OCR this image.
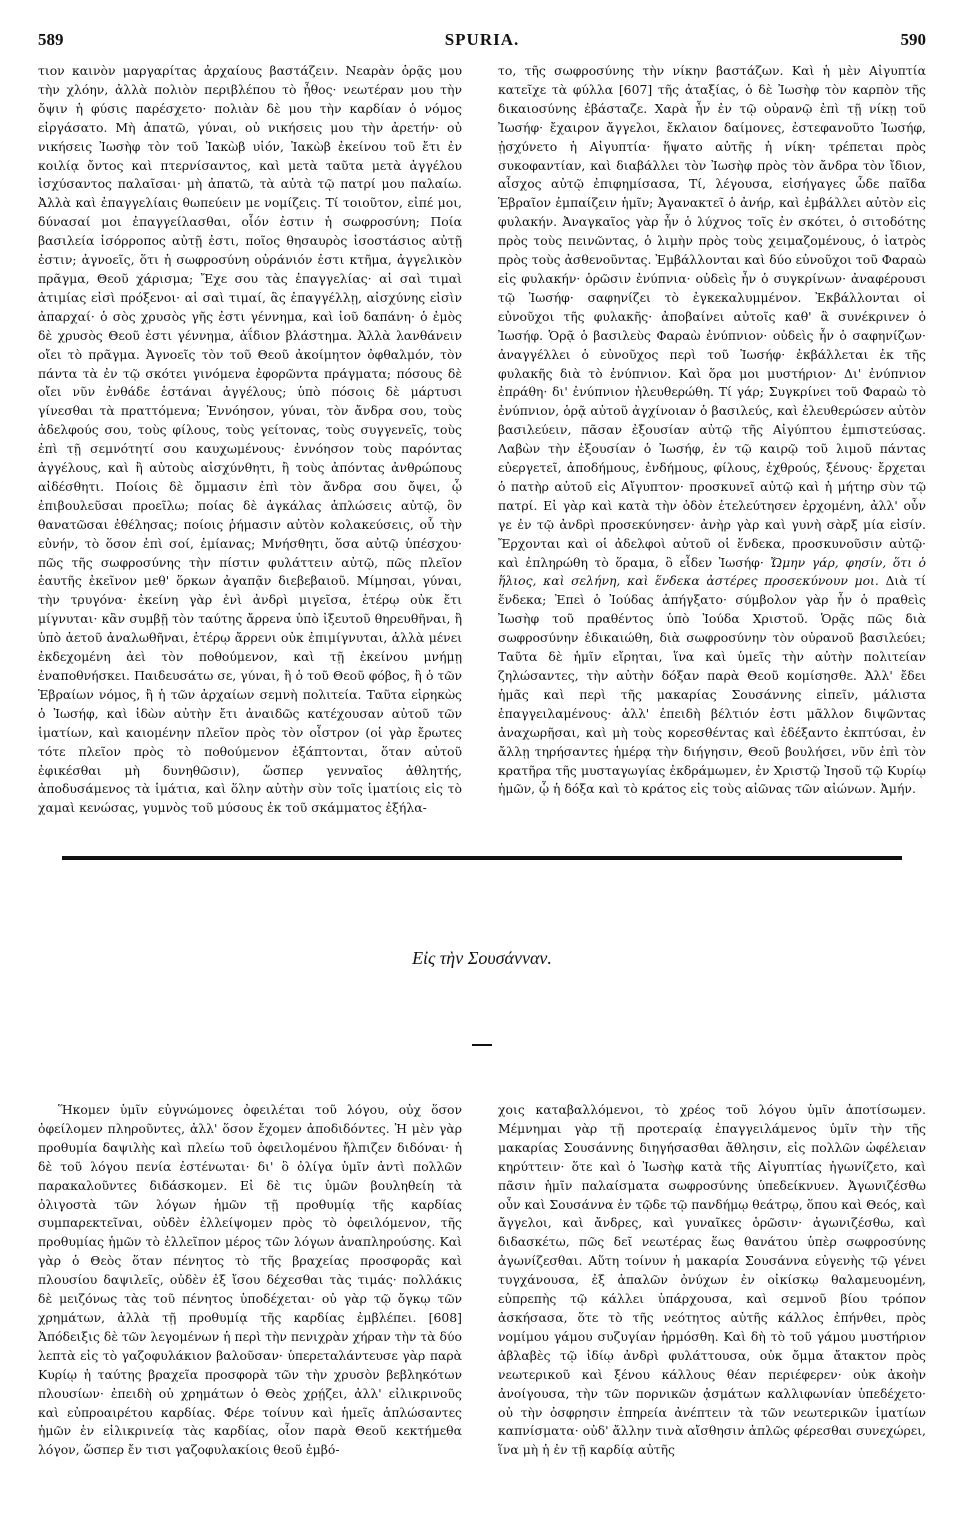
589	SPURIA.	590

τιον καινὸν μαργαρίτας ἀρχαίους βαστάζειν. Νεαρὰν ὁρᾷς μου τὴν χλόην, ἀλλὰ πολιὸν περιβλέπου τὸ ἦθος· νεωτέραν μου τὴν ὄψιν ἡ φύσις παρέσχετο· πολιὰν δὲ μου τὴν καρδίαν ὁ νόμος εἰργάσατο. Μὴ ἀπατῶ, γύναι, οὐ νικήσεις μου τὴν ἀρετήν· οὐ νικήσεις Ἰωσὴφ τὸν τοῦ Ἰακὼβ υἱόν, Ἰακὼβ ἐκείνου τοῦ ἔτι ἐν κοιλίᾳ ὄντος καὶ πτερνίσαντος, καὶ μετὰ ταῦτα μετὰ ἀγγέλου ἰσχύσαντος παλαῖσαι· μὴ ἀπατῶ, τὰ αὐτὰ τῷ πατρί μου παλαίω. Ἀλλὰ καὶ ἐπαγγελίαις θωπεύειν με νομίζεις. Τί τοιοῦτον, εἰπέ μοι, δύνασαί μοι ἐπαγγείλασθαι, οἷόν ἐστιν ἡ σωφροσύνη; Ποία βασιλεία ἰσόρροπος αὐτῇ ἐστι, ποῖος θησαυρὸς ἰσοστάσιος αὐτῇ ἐστιν; ἀγνοεῖς, ὅτι ἡ σωφροσύνη οὐράνιόν ἐστι κτῆμα, ἀγγελικὸν πρᾶγμα, Θεοῦ χάρισμα; Ἔχε σου τὰς ἐπαγγελίας· αἱ σαὶ τιμαὶ ἀτιμίας εἰσὶ πρόξενοι· αἱ σαὶ τιμαί, ἃς ἐπαγγέλλῃ, αἰσχύνης εἰσὶν ἀπαρχαί· ὁ σὸς χρυσὸς γῆς ἐστι γέννημα, καὶ ἰοῦ δαπάνη· ὁ ἐμὸς δὲ χρυσὸς Θεοῦ ἐστι γέννημα, ἀΐδιον βλάστημα. Ἀλλὰ λανθάνειν οἴει τὸ πρᾶγμα. Ἀγνοεῖς τὸν τοῦ Θεοῦ ἀκοίμητον ὀφθαλμόν, τὸν πάντα τὰ ἐν τῷ σκότει γινόμενα ἐφορῶντα πράγματα; πόσους δὲ οἴει νῦν ἐνθάδε ἑστάναι ἀγγέλους; ὑπὸ πόσοις δὲ μάρτυσι γίνεσθαι τὰ πραττόμενα; Ἐννόησον, γύναι, τὸν ἄνδρα σου, τοὺς ἀδελφούς σου, τοὺς φίλους, τοὺς γείτονας, τοὺς συγγενεῖς, τοὺς ἐπὶ τῇ σεμνότητί σου καυχωμένους· ἐννόησον τοὺς παρόντας ἀγγέλους, καὶ ἢ αὐτοὺς αἰσχύνθητι, ἢ τοὺς ἀπόντας ἀνθρώπους αἰδέσθητι. Ποίοις δὲ ὄμμασιν ἐπὶ τὸν ἄνδρα σου ὄψει, ᾧ ἐπιβουλεῦσαι προεῖλω; ποίας δὲ ἀγκάλας ἁπλώσεις αὐτῷ, ὃν θανατῶσαι ἐθέλησας; ποίοις ῥήμασιν αὐτὸν κολακεύσεις, οὗ τὴν εὐνήν, τὸ ὅσον ἐπὶ σοί, ἐμίανας; Μνήσθητι, ὅσα αὐτῷ ὑπέσχου· πῶς τῆς σωφροσύνης τὴν πίστιν φυλάττειν αὐτῷ, πῶς πλεῖον ἑαυτῆς ἐκεῖνον μεθ' ὅρκων ἀγαπᾷν διεβεβαιοῦ. Μίμησαι, γύναι, τὴν τρυγόνα· ἐκείνη γὰρ ἑνὶ ἀνδρὶ μιγεῖσα, ἑτέρῳ οὐκ ἔτι μίγνυται· κἂν συμβῇ τὸν ταύτης ἄρρενα ὑπὸ ἰξευτοῦ θηρευθῆναι, ἢ ὑπὸ ἀετοῦ ἀναλωθῆναι, ἑτέρῳ ἄρρενι οὐκ ἐπιμίγνυται, ἀλλὰ μένει ἐκδεχομένη ἀεὶ τὸν ποθούμενον, καὶ τῇ ἐκείνου μνήμῃ ἐναποθνήσκει. Παιδευσάτω σε, γύναι, ἢ ὁ τοῦ Θεοῦ φόβος, ἢ ὁ τῶν Ἑβραίων νόμος, ἢ ἡ τῶν ἀρχαίων σεμνὴ πολιτεία. Ταῦτα εἰρηκὼς ὁ Ἰωσήφ, καὶ ἰδὼν αὐτὴν ἔτι ἀναιδῶς κατέχουσαν αὐτοῦ τῶν ἱματίων, καὶ καιομένην πλεῖον πρὸς τὸν οἶστρον (οἱ γὰρ ἔρωτες τότε πλεῖον πρὸς τὸ ποθούμενον ἐξάπτονται, ὅταν αὐτοῦ ἐφικέσθαι μὴ δυνηθῶσιν), ὥσπερ γενναῖος ἀθλητής, ἀποδυσάμενος τὰ ἱμάτια, καὶ ὅλην αὐτὴν σὺν τοῖς ἱματίοις εἰς τὸ χαμαὶ κενώσας, γυμνὸς τοῦ μύσους ἐκ τοῦ σκάμματος ἐξήλα-

το, τῆς σωφροσύνης τὴν νίκην βαστάζων. Καὶ ἡ μὲν Αἰγυπτία κατεῖχε τὰ φύλλα [607] τῆς ἀταξίας, ὁ δὲ Ἰωσὴφ τὸν καρπὸν τῆς δικαιοσύνης ἐβάσταζε. Χαρὰ ἦν ἐν τῷ οὐρανῷ ἐπὶ τῇ νίκῃ τοῦ Ἰωσήφ· ἔχαιρον ἄγγελοι, ἔκλαιον δαίμονες, ἐστεφανοῦτο Ἰωσήφ, ᾐσχύνετο ἡ Αἰγυπτία· ἥψατο αὐτῆς ἡ νίκη· τρέπεται πρὸς συκοφαντίαν, καὶ διαβάλλει τὸν Ἰωσὴφ πρὸς τὸν ἄνδρα τὸν ἴδιον, αἶσχος αὐτῷ ἐπιφημίσασα, Τί, λέγουσα, εἰσήγαγες ὧδε παῖδα Ἑβραῖον ἐμπαίζειν ἡμῖν; Ἀγανακτεῖ ὁ ἀνήρ, καὶ ἐμβάλλει αὐτὸν εἰς φυλακήν. Ἀναγκαῖος γὰρ ἦν ὁ λύχνος τοῖς ἐν σκότει, ὁ σιτοδότης πρὸς τοὺς πεινῶντας, ὁ λιμὴν πρὸς τοὺς χειμαζομένους, ὁ ἰατρὸς πρὸς τοὺς ἀσθενοῦντας. Ἐμβάλλονται καὶ δύο εὐνοῦχοι τοῦ Φαραὼ εἰς φυλακήν· ὁρῶσιν ἐνύπνια· οὐδεὶς ἦν ὁ συγκρίνων· ἀναφέρουσι τῷ Ἰωσήφ· σαφηνίζει τὸ ἐγκεκαλυμμένον. Ἐκβάλλονται οἱ εὐνοῦχοι τῆς φυλακῆς· ἀποβαίνει αὐτοῖς καθ' ἃ συνέκρινεν ὁ Ἰωσήφ. Ὁρᾷ ὁ βασιλεὺς Φαραὼ ἐνύπνιον· οὐδεὶς ἦν ὁ σαφηνίζων· ἀναγγέλλει ὁ εὐνοῦχος περὶ τοῦ Ἰωσήφ· ἐκβάλλεται ἐκ τῆς φυλακῆς διὰ τὸ ἐνύπνιον. Καὶ ὅρα μοι μυστήριον· Δι' ἐνύπνιον ἐπράθη· δι' ἐνύπνιον ἠλευθερώθη. Τί γάρ; Συγκρίνει τοῦ Φαραὼ τὸ ἐνύπνιον, ὁρᾷ αὐτοῦ ἀγχίνοιαν ὁ βασιλεύς, καὶ ἐλευθερώσεν αὐτὸν βασιλεύειν, πᾶσαν ἐξουσίαν αὐτῷ τῆς Αἰγύπτου ἐμπιστεύσας. Λαβὼν τὴν ἐξουσίαν ὁ Ἰωσήφ, ἐν τῷ καιρῷ τοῦ λιμοῦ πάντας εὐεργετεῖ, ἀποδήμους, ἐνδήμους, φίλους, ἐχθρούς, ξένους· ἔρχεται ὁ πατὴρ αὐτοῦ εἰς Αἴγυπτον· προσκυνεῖ αὐτῷ καὶ ἡ μήτηρ σὺν τῷ πατρί. Εἰ γὰρ καὶ κατὰ τὴν ὁδὸν ἐτελεύτησεν ἐρχομένη, ἀλλ' οὖν γε ἐν τῷ ἀνδρὶ προσεκύνησεν· ἀνὴρ γὰρ καὶ γυνὴ σὰρξ μία εἰσίν. Ἔρχονται καὶ οἱ ἀδελφοὶ αὐτοῦ οἱ ἕνδεκα, προσκυνοῦσιν αὐτῷ· καὶ ἐπληρώθη τὸ ὅραμα, ὃ εἶδεν Ἰωσήφ· Ὤμην γάρ, φησίν, ὅτι ὁ ἥλιος, καὶ σελήνη, καὶ ἕνδεκα ἀστέρες προσεκύνουν μοι. Διὰ τί ἕνδεκα; Ἐπεὶ ὁ Ἰούδας ἀπήγξατο· σύμβολον γὰρ ἦν ὁ πραθεὶς Ἰωσὴφ τοῦ πραθέντος ὑπὸ Ἰούδα Χριστοῦ. Ὁρᾷς πῶς διὰ σωφροσύνην ἐδικαιώθη, διὰ σωφροσύνην τὸν οὐρανοῦ βασιλεύει; Ταῦτα δὲ ἡμῖν εἴρηται, ἵνα καὶ ὑμεῖς τὴν αὐτὴν πολιτείαν ζηλώσαντες, τὴν αὐτὴν δόξαν παρὰ Θεοῦ κομίσησθε. Ἀλλ' ἔδει ἡμᾶς καὶ περὶ τῆς μακαρίας Σουσάννης εἰπεῖν, μάλιστα ἐπαγγειλαμένους· ἀλλ' ἐπειδὴ βέλτιόν ἐστι μᾶλλον διψῶντας ἀναχωρῆσαι, καὶ μὴ τοὺς κορεσθέντας καὶ ἐδέξαντο ἐκπτύσαι, ἐν ἄλλῃ τηρήσαντες ἡμέρᾳ τὴν διήγησιν, Θεοῦ βουλήσει, νῦν ἐπὶ τὸν κρατῆρα τῆς μυσταγωγίας ἐκδράμωμεν, ἐν Χριστῷ Ἰησοῦ τῷ Κυρίῳ ἡμῶν, ᾧ ἡ δόξα καὶ τὸ κράτος εἰς τοὺς αἰῶνας τῶν αἰώνων. Ἀμήν.

Εἰς τὴν Σουσάνναν.

Ἥκομεν ὑμῖν εὐγνώμονες ὀφειλέται τοῦ λόγου, οὐχ ὅσον ὀφείλομεν πληροῦντες, ἀλλ' ὅσον ἔχομεν ἀποδιδόντες. Ἡ μὲν γὰρ προθυμία δαψιλὴς καὶ πλείω τοῦ ὀφειλομένου ἤλπιζεν διδόναι· ἡ δὲ τοῦ λόγου πενία ἐστένωται· δι' ὃ ὀλίγα ὑμῖν ἀντὶ πολλῶν παρακαλοῦντες διδάσκομεν. Εἰ δὲ τις ὑμῶν βουληθείη τὰ ὀλιγοστὰ τῶν λόγων ἡμῶν τῇ προθυμίᾳ τῆς καρδίας συμπαρεκτεῖναι, οὐδὲν ἐλλείψομεν πρὸς τὸ ὀφειλόμενον, τῆς προθυμίας ἡμῶν τὸ ἐλλεῖπον μέρος τῶν λόγων ἀναπληρούσης. Καὶ γὰρ ὁ Θεὸς ὅταν πένητος τὸ τῆς βραχείας προσφορᾶς καὶ πλουσίου δαψιλεῖς, οὐδὲν ἐξ ἴσου δέχεσθαι τὰς τιμάς· πολλάκις δὲ μειζόνως τὰς τοῦ πένητος ὑποδέχεται· οὐ γὰρ τῷ ὄγκῳ τῶν χρημάτων, ἀλλὰ τῇ προθυμίᾳ τῆς καρδίας ἐμβλέπει. [608] Ἀπόδειξις δὲ τῶν λεγομένων ἡ περὶ τὴν πενιχρὰν χήραν τὴν τὰ δύο λεπτὰ εἰς τὸ γαζοφυλάκιον βαλοῦσαν· ὑπερεταλάντευσε γὰρ παρὰ Κυρίῳ ἡ ταύτης βραχεῖα προσφορὰ τῶν τὴν χρυσὸν βεβληκότων πλουσίων· ἐπειδὴ οὐ χρημάτων ὁ Θεὸς χρῄζει, ἀλλ' εἰλικρινοῦς καὶ εὐπροαιρέτου καρδίας. Φέρε τοίνυν καὶ ἡμεῖς ἁπλώσαντες ἡμῶν ἐν εἰλικρινείᾳ τὰς καρδίας, οἷον παρὰ Θεοῦ κεκτήμεθα λόγον, ὥσπερ ἔν τισι γαζοφυλακίοις θεοῦ ἐμβό-

χοις καταβαλλόμενοι, τὸ χρέος τοῦ λόγου ὑμῖν ἀποτίσωμεν. Μέμνημαι γὰρ τῇ προτεραίᾳ ἐπαγγειλάμενος ὑμῖν τὴν τῆς μακαρίας Σουσάννης διηγήσασθαι ἄθλησιν, εἰς πολλῶν ὠφέλειαν κηρύττειν· ὅτε καὶ ὁ Ἰωσὴφ κατὰ τῆς Αἰγυπτίας ἠγωνίζετο, καὶ πᾶσιν ἡμῖν παλαίσματα σωφροσύνης ὑπεδείκνυεν. Ἀγωνιζέσθω οὖν καὶ Σουσάννα ἐν τῷδε τῷ πανδήμῳ θεάτρῳ, ὅπου καὶ Θεός, καὶ ἄγγελοι, καὶ ἄνδρες, καὶ γυναῖκες ὁρῶσιν· ἀγωνιζέσθω, καὶ διδασκέτω, πῶς δεῖ νεωτέρας ἕως θανάτου ὑπὲρ σωφροσύνης ἀγωνίζεσθαι. Αὕτη τοίνυν ἡ μακαρία Σουσάννα εὐγενὴς τῷ γένει τυγχάνουσα, ἐξ ἁπαλῶν ὀνύχων ἐν οἰκίσκῳ θαλαμευομένη, εὐπρεπὴς τῷ κάλλει ὑπάρχουσα, καὶ σεμνοῦ βίου τρόπον ἀσκήσασα, ὅτε τὸ τῆς νεότητος αὐτῆς κάλλος ἐπήνθει, πρὸς νομίμου γάμου συζυγίαν ἡρμόσθη. Καὶ δὴ τὸ τοῦ γάμου μυστήριον ἀβλαβὲς τῷ ἰδίῳ ἀνδρὶ φυλάττουσα, οὐκ ὄμμα ἄτακτον πρὸς νεωτερικοῦ καὶ ξένου κάλλους θέαν περιέφερεν· οὐκ ἀκοὴν ἀνοίγουσα, τὴν τῶν πορνικῶν ᾀσμάτων καλλιφωνίαν ὑπεδέχετο· οὐ τὴν ὀσφρησιν ἐπηρεία ἀνέπτειν τὰ τῶν νεωτερικῶν ἱματίων καπνίσματα· οὐδ' ἄλλην τινὰ αἴσθησιν ἁπλῶς φέρεσθαι συνεχώρει, ἵνα μὴ ἡ ἐν τῇ καρδίᾳ αὐτῆς
